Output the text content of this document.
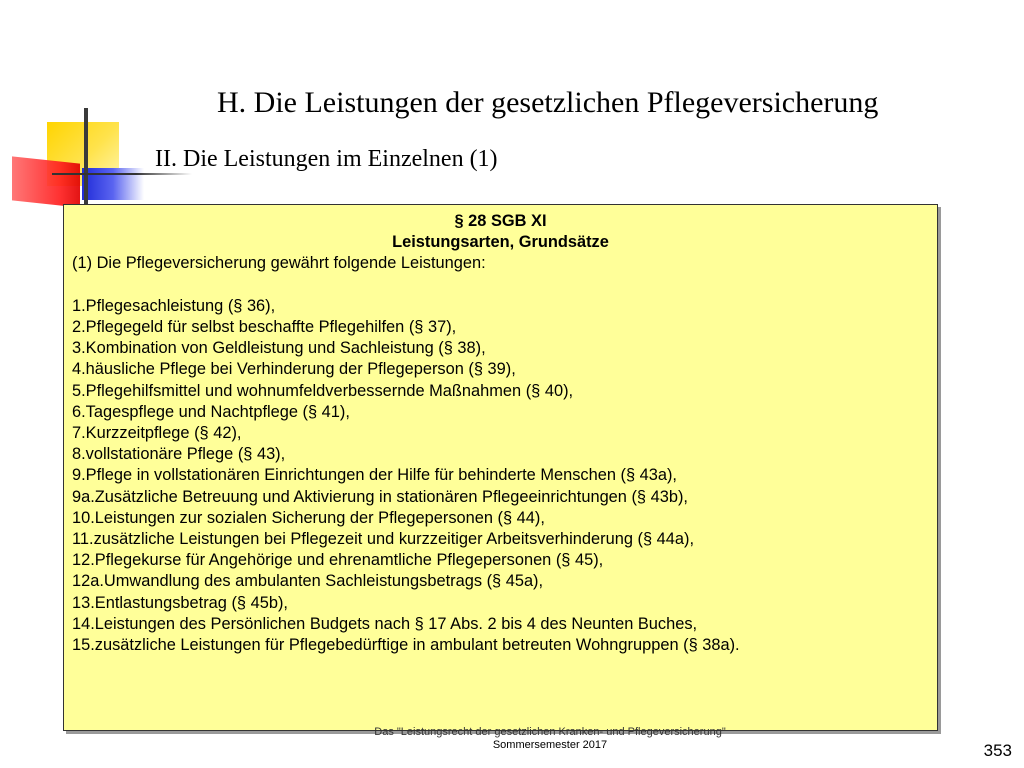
H. Die Leistungen der gesetzlichen Pflegeversicherung
II. Die Leistungen im Einzelnen (1)
§ 28 SGB XI
Leistungsarten, Grundsätze
(1) Die Pflegeversicherung gewährt folgende Leistungen:
1.Pflegesachleistung (§ 36),
2.Pflegegeld für selbst beschaffte Pflegehilfen (§ 37),
3.Kombination von Geldleistung und Sachleistung (§ 38),
4.häusliche Pflege bei Verhinderung der Pflegeperson (§ 39),
5.Pflegehilfsmittel und wohnumfeldverbessernde Maßnahmen (§ 40),
6.Tagespflege und Nachtpflege (§ 41),
7.Kurzzeitpflege (§ 42),
8.vollstationäre Pflege (§ 43),
9.Pflege in vollstationären Einrichtungen der Hilfe für behinderte Menschen (§ 43a),
9a.Zusätzliche Betreuung und Aktivierung in stationären Pflegeeinrichtungen (§ 43b),
10.Leistungen zur sozialen Sicherung der Pflegepersonen (§ 44),
11.zusätzliche Leistungen bei Pflegezeit und kurzzeitiger Arbeitsverhinderung (§ 44a),
12.Pflegekurse für Angehörige und ehrenamtliche Pflegepersonen (§ 45),
12a.Umwandlung des ambulanten Sachleistungsbetrags (§ 45a),
13.Entlastungsbetrag (§ 45b),
14.Leistungen des Persönlichen Budgets nach § 17 Abs. 2 bis 4 des Neunten Buches,
15.zusätzliche Leistungen für Pflegebedürftige in ambulant betreuten Wohngruppen (§ 38a).
Das "Leistungsrecht der gesetzlichen Kranken- und Pflegeversicherung"
Sommersemester 2017	353
